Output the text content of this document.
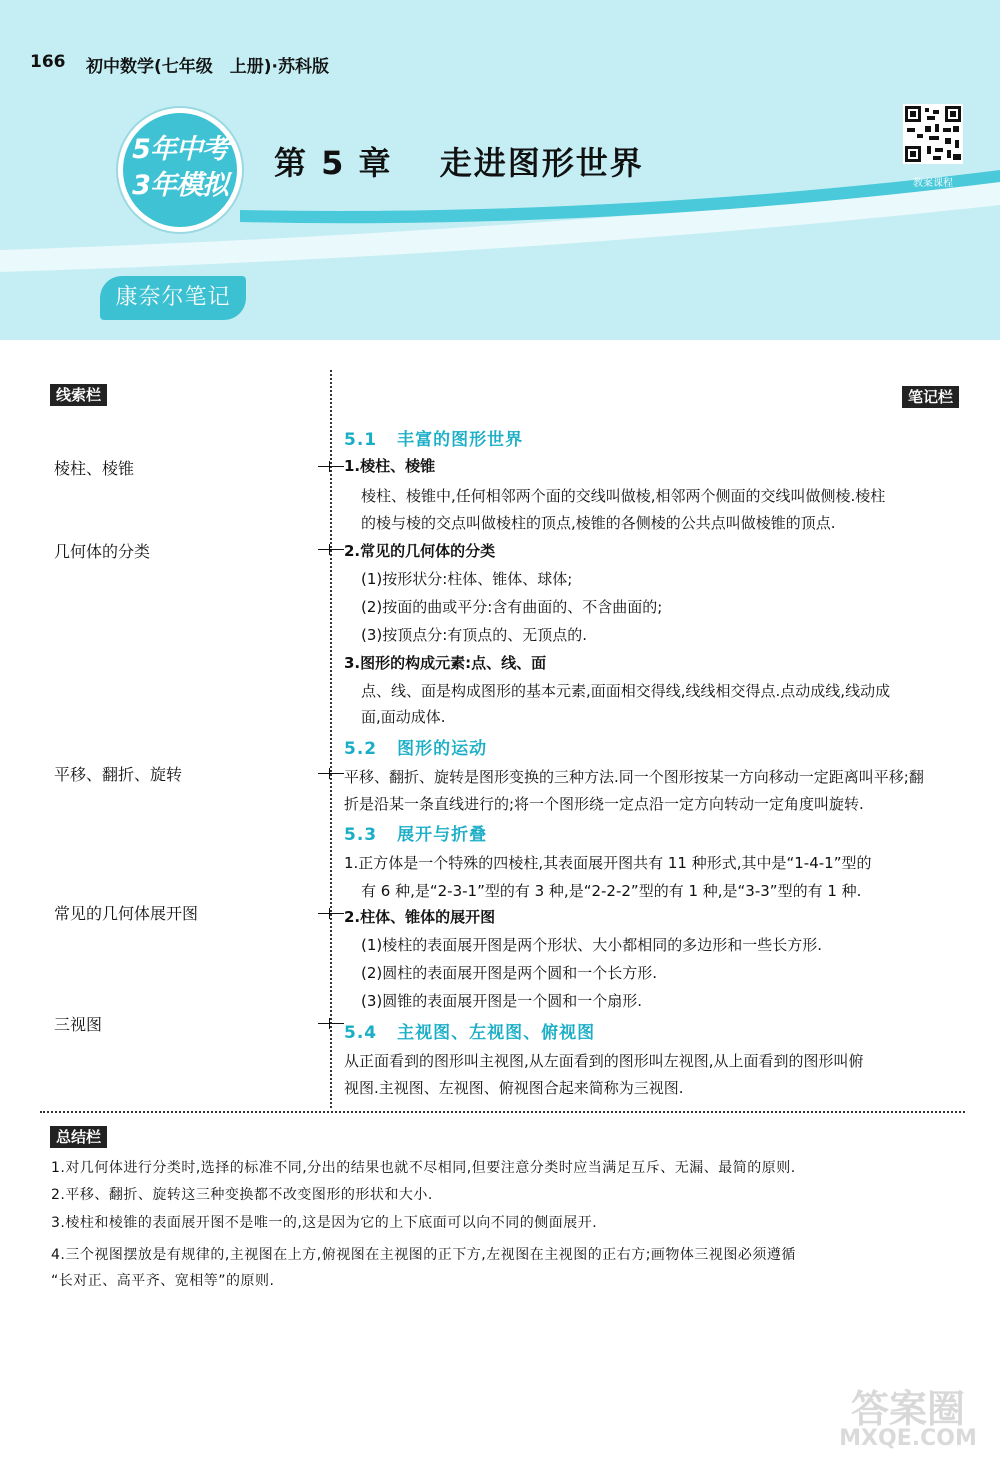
166 初中数学(七年级　上册)·苏科版
5年中考
3年模拟
第 5 章　 走进图形世界
教案课程
康奈尔笔记
线索栏	笔记栏
棱柱、棱锥
几何体的分类
平移、翻折、旋转
常见的几何体展开图
三视图
5.1 丰富的图形世界
1.棱柱、棱锥
棱柱、棱锥中,任何相邻两个面的交线叫做棱,相邻两个侧面的交线叫做侧棱.棱柱
的棱与棱的交点叫做棱柱的顶点,棱锥的各侧棱的公共点叫做棱锥的顶点.
2.常见的几何体的分类
(1)按形状分:柱体、锥体、球体;
(2)按面的曲或平分:含有曲面的、不含曲面的;
(3)按顶点分:有顶点的、无顶点的.
3.图形的构成元素:点、线、面
点、线、面是构成图形的基本元素,面面相交得线,线线相交得点.点动成线,线动成
面,面动成体.
5.2 图形的运动
平移、翻折、旋转是图形变换的三种方法.同一个图形按某一方向移动一定距离叫平移;翻
折是沿某一条直线进行的;将一个图形绕一定点沿一定方向转动一定角度叫旋转.
5.3 展开与折叠
1.正方体是一个特殊的四棱柱,其表面展开图共有 11 种形式,其中是“1-4-1”型的
有 6 种,是“2-3-1”型的有 3 种,是“2-2-2”型的有 1 种,是“3-3”型的有 1 种.
2.柱体、锥体的展开图
(1)棱柱的表面展开图是两个形状、大小都相同的多边形和一些长方形.
(2)圆柱的表面展开图是两个圆和一个长方形.
(3)圆锥的表面展开图是一个圆和一个扇形.
5.4 主视图、左视图、俯视图
从正面看到的图形叫主视图,从左面看到的图形叫左视图,从上面看到的图形叫俯
视图.主视图、左视图、俯视图合起来简称为三视图.
总结栏
1.对几何体进行分类时,选择的标准不同,分出的结果也就不尽相同,但要注意分类时应当满足互斥、无漏、最简的原则.
2.平移、翻折、旋转这三种变换都不改变图形的形状和大小.
3.棱柱和棱锥的表面展开图不是唯一的,这是因为它的上下底面可以向不同的侧面展开.
4.三个视图摆放是有规律的,主视图在上方,俯视图在主视图的正下方,左视图在主视图的正右方;画物体三视图必须遵循
“长对正、高平齐、宽相等”的原则.
答案圈
MXQE.COM
